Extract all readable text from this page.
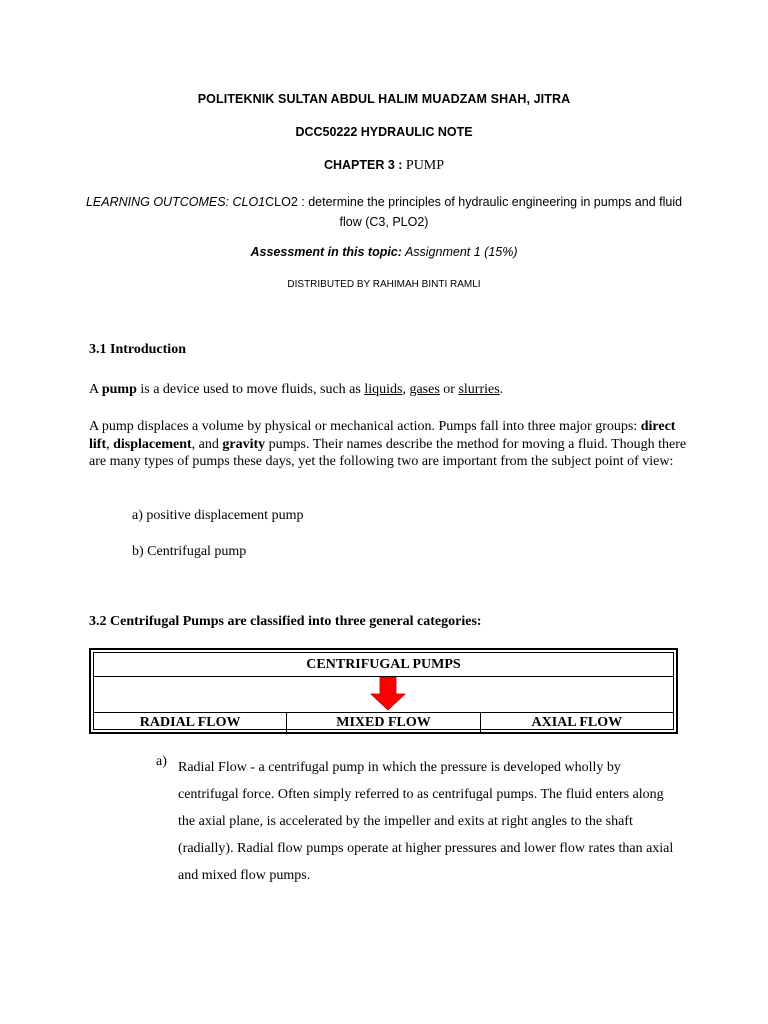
POLITEKNIK SULTAN ABDUL HALIM MUADZAM SHAH, JITRA
DCC50222 HYDRAULIC NOTE
CHAPTER 3 : PUMP
LEARNING OUTCOMES: CLO1CLO2 : determine the principles of hydraulic engineering in pumps and fluid flow (C3, PLO2)
Assessment in this topic: Assignment 1 (15%)
DISTRIBUTED BY RAHIMAH BINTI RAMLI
3.1 Introduction
A pump is a device used to move fluids, such as liquids, gases or slurries.
A pump displaces a volume by physical or mechanical action. Pumps fall into three major groups: direct lift, displacement, and gravity pumps. Their names describe the method for moving a fluid. Though there are many types of pumps these days, yet the following two are important from the subject point of view:
a) positive displacement pump
b) Centrifugal pump
3.2 Centrifugal Pumps are classified into three general categories:
CENTRIFUGAL PUMPS
RADIAL FLOW	MIXED FLOW	AXIAL FLOW
a) Radial Flow - a centrifugal pump in which the pressure is developed wholly by centrifugal force. Often simply referred to as centrifugal pumps. The fluid enters along the axial plane, is accelerated by the impeller and exits at right angles to the shaft (radially). Radial flow pumps operate at higher pressures and lower flow rates than axial and mixed flow pumps.
